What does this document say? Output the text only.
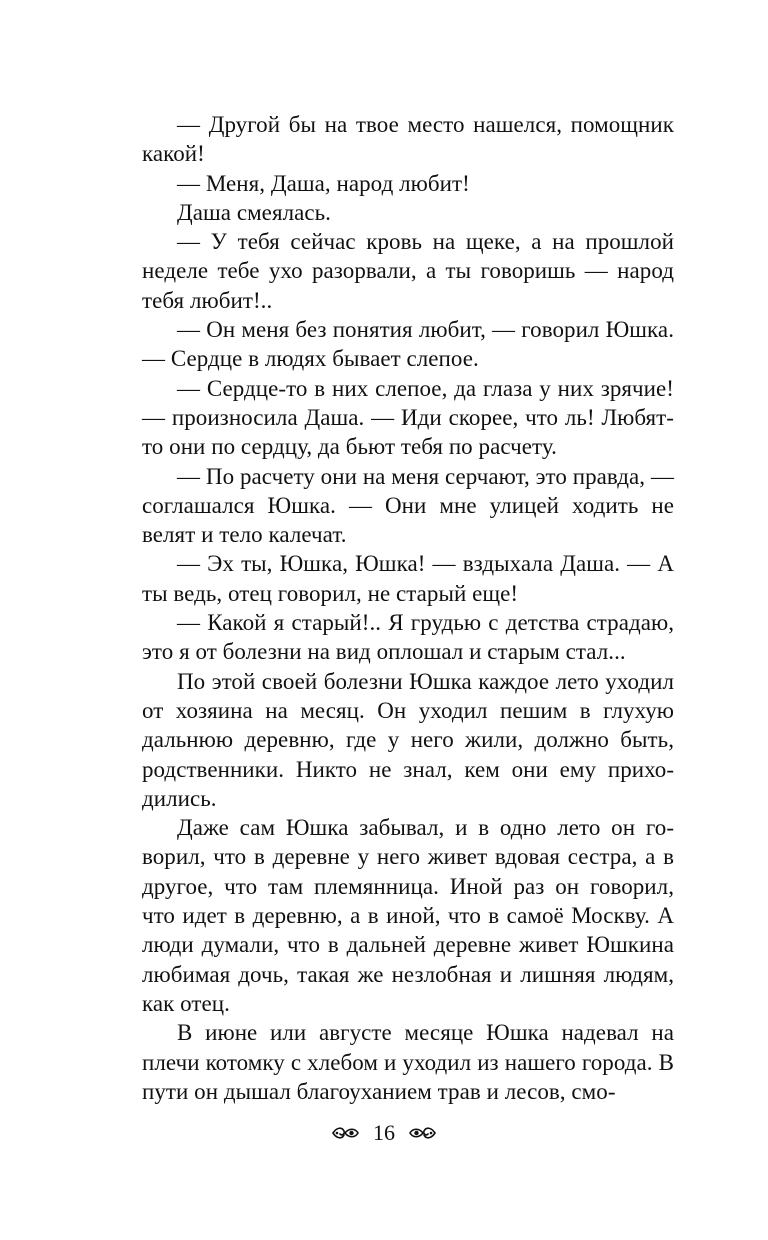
— Другой бы на твое место нашелся, помощник какой!

— Меня, Даша, народ любит!

Даша смеялась.

— У тебя сейчас кровь на щеке, а на прошлой неделе тебе ухо разорвали, а ты говоришь — народ тебя любит!..

— Он меня без понятия любит, — говорил Юшка. — Сердце в людях бывает слепое.

— Сердце-то в них слепое, да глаза у них зрячие! — произносила Даша. — Иди скорее, что ль! Любят-то они по сердцу, да бьют тебя по расчету.

— По расчету они на меня серчают, это правда, — соглашался Юшка. — Они мне улицей ходить не велят и тело калечат.

— Эх ты, Юшка, Юшка! — вздыхала Даша. — А ты ведь, отец говорил, не старый еще!

— Какой я старый!.. Я грудью с детства страдаю, это я от болезни на вид оплошал и старым стал...

По этой своей болезни Юшка каждое лето уходил от хозяина на месяц. Он уходил пешим в глухую дальнюю деревню, где у него жили, должно быть, родственники. Никто не знал, кем они ему приходились.

Даже сам Юшка забывал, и в одно лето он говорил, что в деревне у него живет вдовая сестра, а в другое, что там племянница. Иной раз он говорил, что идет в деревню, а в иной, что в самоё Москву. А люди думали, что в дальней деревне живет Юшкина любимая дочь, такая же незлобная и лишняя людям, как отец.

В июне или августе месяце Юшка надевал на плечи котомку с хлебом и уходил из нашего города. В пути он дышал благоуханием трав и лесов, смо-

16
